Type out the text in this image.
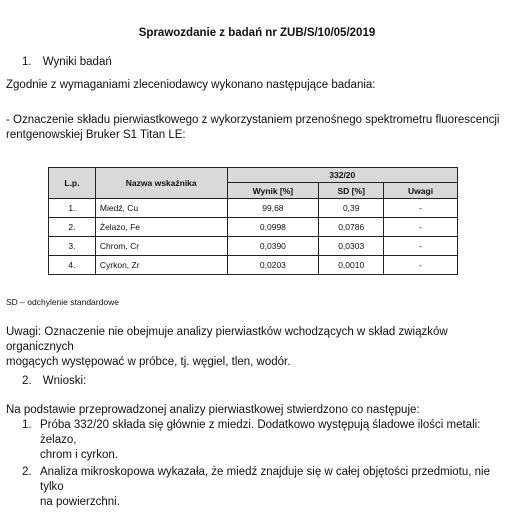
Sprawozdanie z badań nr ZUB/S/10/05/2019
1. Wyniki badań
Zgodnie z wymaganiami zleceniodawcy wykonano następujące badania:
- Oznaczenie składu pierwiastkowego z wykorzystaniem przenośnego spektrometru fluorescencji
rentgenowskiej Bruker S1 Titan LE:
L.p.	Nazwa wskaźnika	332/20		
		Wynik [%]	SD [%]	Uwagi
1.	Miedź, Cu	99,68	0,39	-
2.	Żelazo, Fe	0,0998	0,0786	-
3.	Chrom, Cr	0,0390	0,0303	-
4.	Cyrkon, Zr	0,0203	0,0010	-
SD – odchylenie standardowe
Uwagi: Oznaczenie nie obejmuje analizy pierwiastków wchodzących w skład związków organicznych
mogących występować w próbce, tj. węgiel, tlen, wodór.
2. Wnioski:
Na podstawie przeprowadzonej analizy pierwiastkowej stwierdzono co następuje:
1. Próba 332/20 składa się głównie z miedzi. Dodatkowo występują śladowe ilości metali: żelazo,
chrom i cyrkon.
2. Analiza mikroskopowa wykazała, że miedź znajduje się w całej objętości przedmiotu, nie tylko
na powierzchni.
